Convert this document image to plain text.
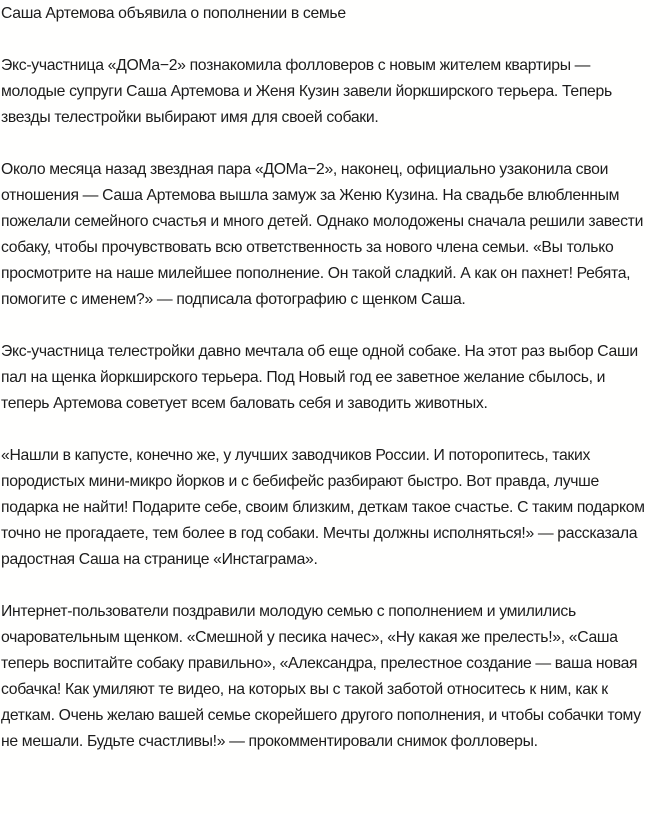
Саша Артемова объявила о пополнении в семье

Экс-участница «ДОМа−2» познакомила фолловеров с новым жителем квартиры — молодые супруги Саша Артемова и Женя Кузин завели йоркширского терьера. Теперь звезды телестройки выбирают имя для своей собаки.

Около месяца назад звездная пара «ДОМа−2», наконец, официально узаконила свои отношения — Саша Артемова вышла замуж за Женю Кузина. На свадьбе влюбленным пожелали семейного счастья и много детей. Однако молодожены сначала решили завести собаку, чтобы прочувствовать всю ответственность за нового члена семьи. «Вы только просмотрите на наше милейшее пополнение. Он такой сладкий. А как он пахнет! Ребята, помогите с именем?» — подписала фотографию с щенком Саша.

Экс-участница телестройки давно мечтала об еще одной собаке. На этот раз выбор Саши пал на щенка йоркширского терьера. Под Новый год ее заветное желание сбылось, и теперь Артемова советует всем баловать себя и заводить животных.

«Нашли в капусте, конечно же, у лучших заводчиков России. И поторопитесь, таких породистых мини-микро йорков и с бебифейс разбирают быстро. Вот правда, лучше подарка не найти! Подарите себе, своим близким, деткам такое счастье. С таким подарком точно не прогадаете, тем более в год собаки. Мечты должны исполняться!» — рассказала радостная Саша на странице «Инстаграма».

Интернет-пользователи поздравили молодую семью с пополнением и умилились очаровательным щенком. «Смешной у песика начес», «Ну какая же прелесть!», «Саша теперь воспитайте собаку правильно», «Александра, прелестное создание — ваша новая собачка! Как умиляют те видео, на которых вы с такой заботой относитесь к ним, как к деткам. Очень желаю вашей семье скорейшего другого пополнения, и чтобы собачки тому не мешали. Будьте счастливы!» — прокомментировали снимок фолловеры.
